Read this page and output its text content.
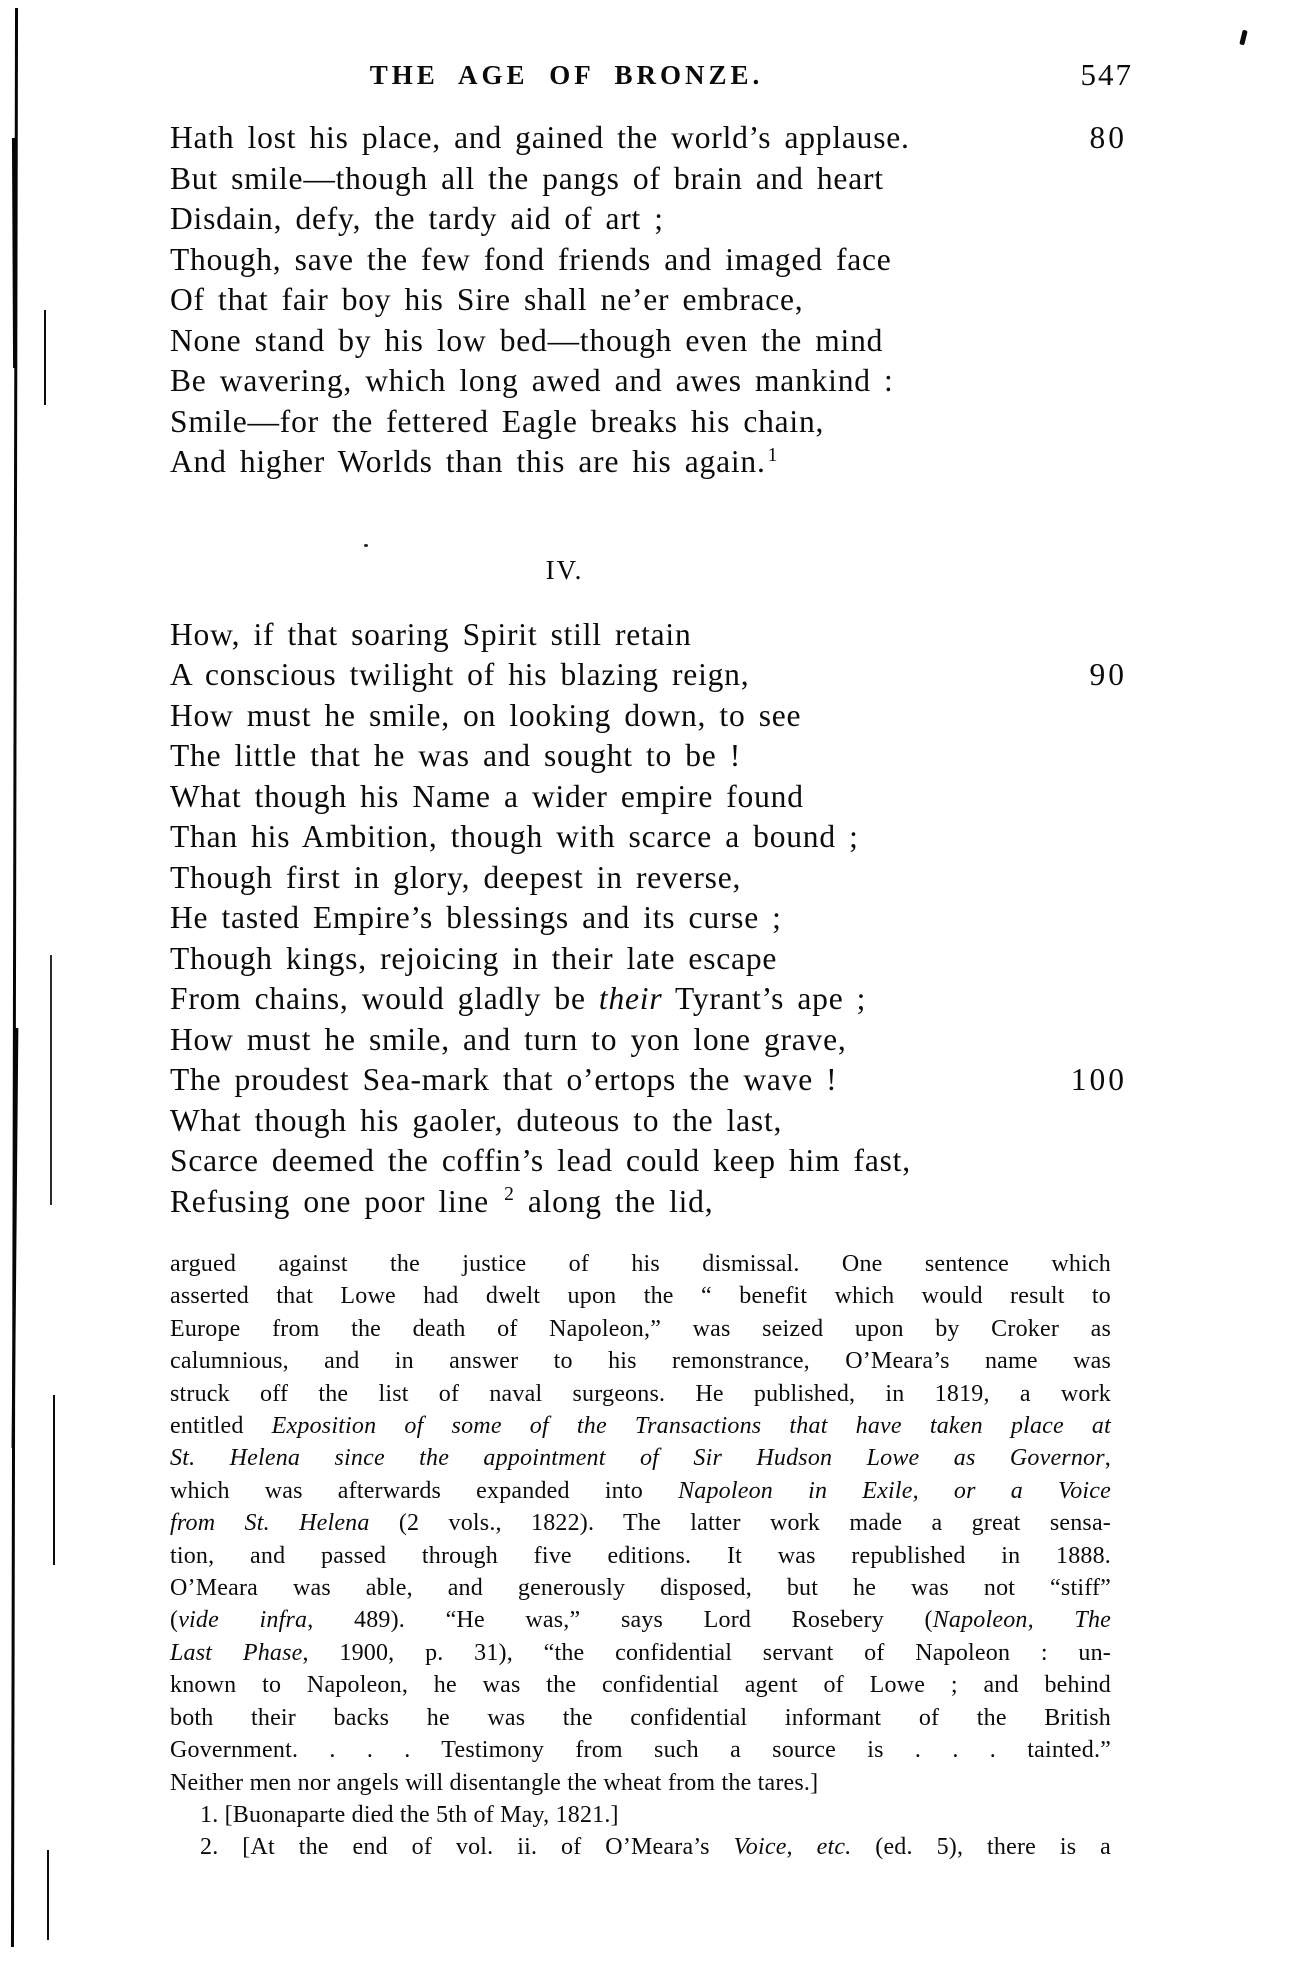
THE AGE OF BRONZE.	547
Hath lost his place, and gained the world’s applause.	80
But smile—though all the pangs of brain and heart
Disdain, defy, the tardy aid of art ;
Though, save the few fond friends and imaged face
Of that fair boy his Sire shall ne’er embrace,
None stand by his low bed—though even the mind
Be wavering, which long awed and awes mankind :
Smile—for the fettered Eagle breaks his chain,
And higher Worlds than this are his again. $^1$
IV.
How, if that soaring Spirit still retain
A conscious twilight of his blazing reign,	90
How must he smile, on looking down, to see
The little that he was and sought to be !
What though his Name a wider empire found
Than his Ambition, though with scarce a bound ;
Though first in glory, deepest in reverse,
He tasted Empire’s blessings and its curse ;
Though kings, rejoicing in their late escape
From chains, would gladly be their Tyrant’s ape ;
How must he smile, and turn to yon lone grave,
The proudest Sea-mark that o’ertops the wave !	100
What though his gaoler, duteous to the last,
Scarce deemed the coffin’s lead could keep him fast,
Refusing one poor line $^2$ along the lid,
argued against the justice of his dismissal. One sentence which
asserted that Lowe had dwelt upon the “ benefit which would result to
Europe from the death of Napoleon,” was seized upon by Croker as
calumnious, and in answer to his remonstrance, O’Meara’s name was
struck off the list of naval surgeons. He published, in 1819, a work
entitled Exposition of some of the Transactions that have taken place at
St. Helena since the appointment of Sir Hudson Lowe as Governor,
which was afterwards expanded into Napoleon in Exile, or a Voice
from St. Helena (2 vols., 1822). The latter work made a great sensa-
tion, and passed through five editions. It was republished in 1888.
O’Meara was able, and generously disposed, but he was not “stiff”
(vide infra, 489). “He was,” says Lord Rosebery (Napoleon, The
Last Phase, 1900, p. 31), “the confidential servant of Napoleon : un-
known to Napoleon, he was the confidential agent of Lowe ; and behind
both their backs he was the confidential informant of the British
Government. . . . Testimony from such a source is . . . tainted.”
Neither men nor angels will disentangle the wheat from the tares.]
1. [Buonaparte died the 5th of May, 1821.]
2. [At the end of vol. ii. of O’Meara’s Voice, etc. (ed. 5), there is a
